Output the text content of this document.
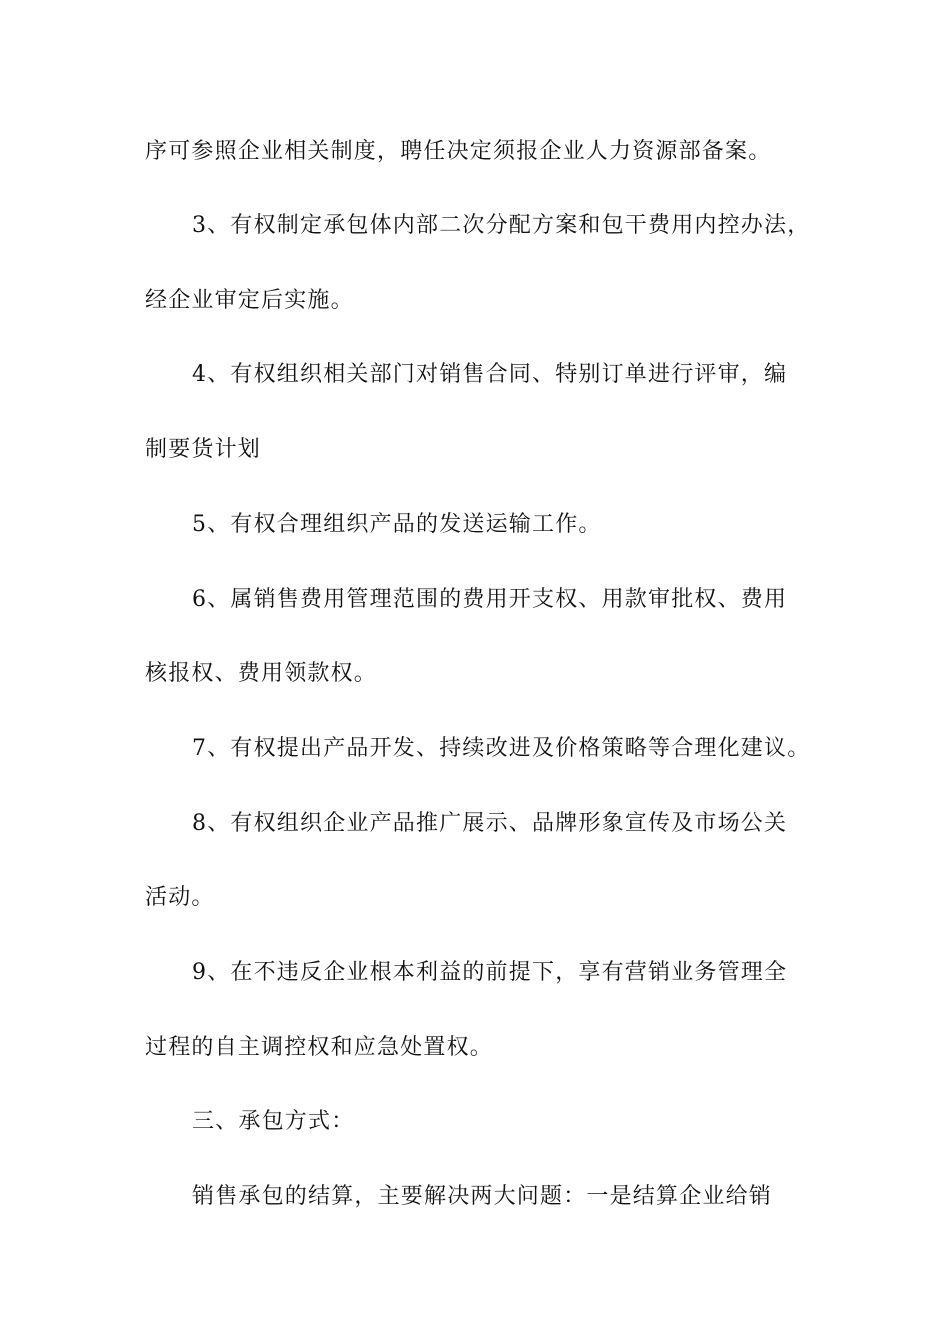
序可参照企业相关制度，聘任决定须报企业人力资源部备案。
3、有权制定承包体内部二次分配方案和包干费用内控办法，
经企业审定后实施。
4、有权组织相关部门对销售合同、特别订单进行评审，编
制要货计划
5、有权合理组织产品的发送运输工作。
6、属销售费用管理范围的费用开支权、用款审批权、费用
核报权、费用领款权。
7、有权提出产品开发、持续改进及价格策略等合理化建议。
8、有权组织企业产品推广展示、品牌形象宣传及市场公关
活动。
9、在不违反企业根本利益的前提下，享有营销业务管理全
过程的自主调控权和应急处置权。
三、承包方式：
销售承包的结算，主要解决两大问题：一是结算企业给销
